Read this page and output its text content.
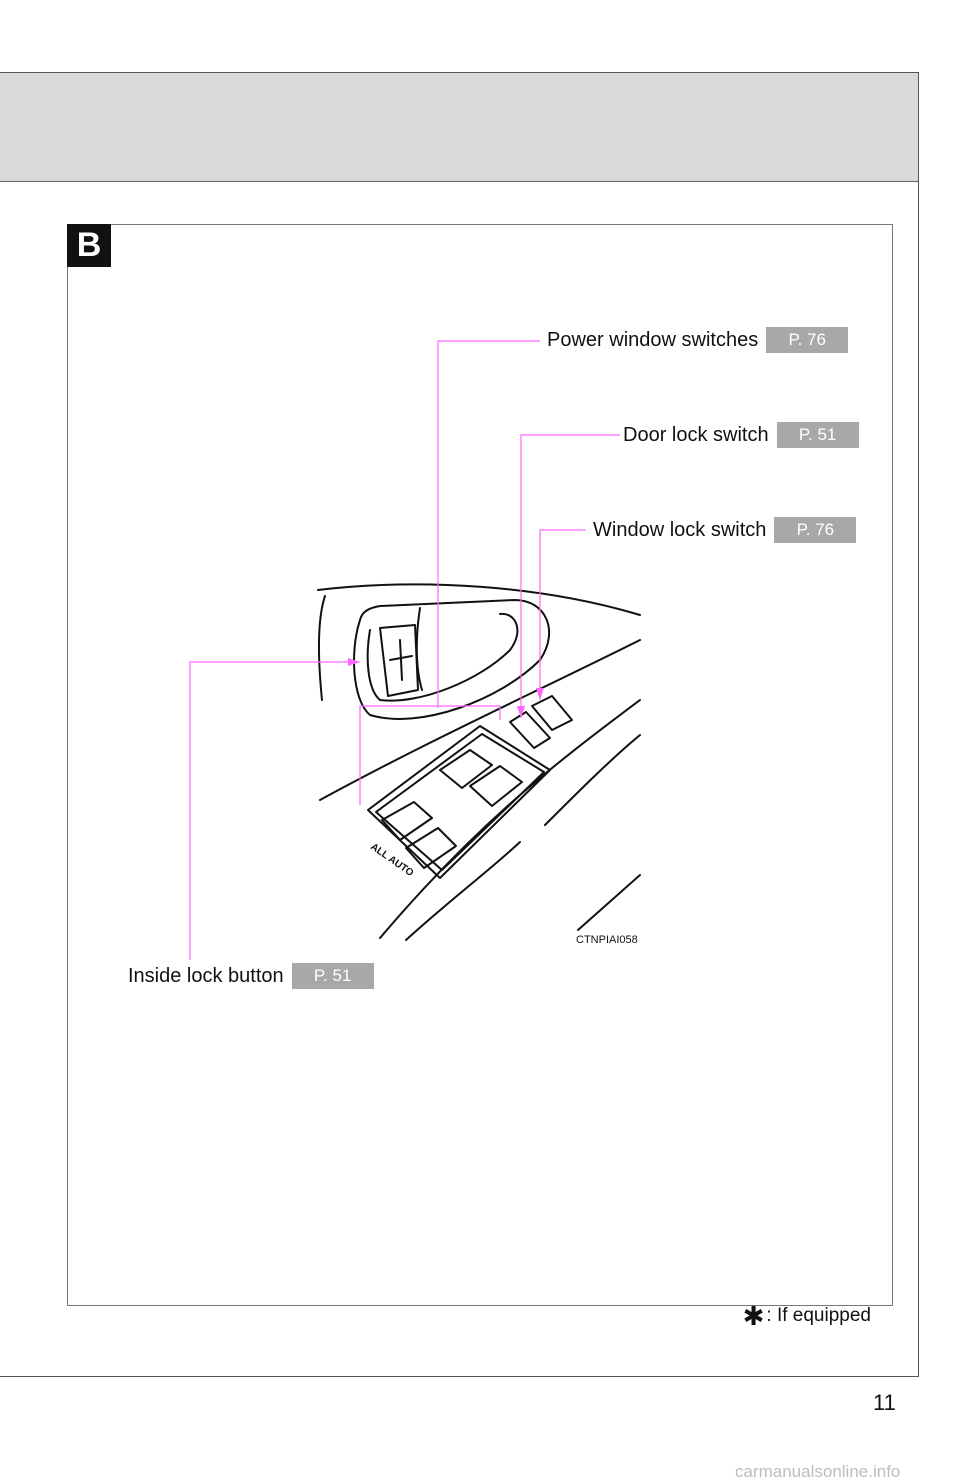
B
ALL AUTO
CTNPIAI058
Power window switches	P. 76
Door lock switch	P. 51
Window lock switch	P. 76
Inside lock button	P. 51
✱ : If equipped
11
carmanualsonline.info
